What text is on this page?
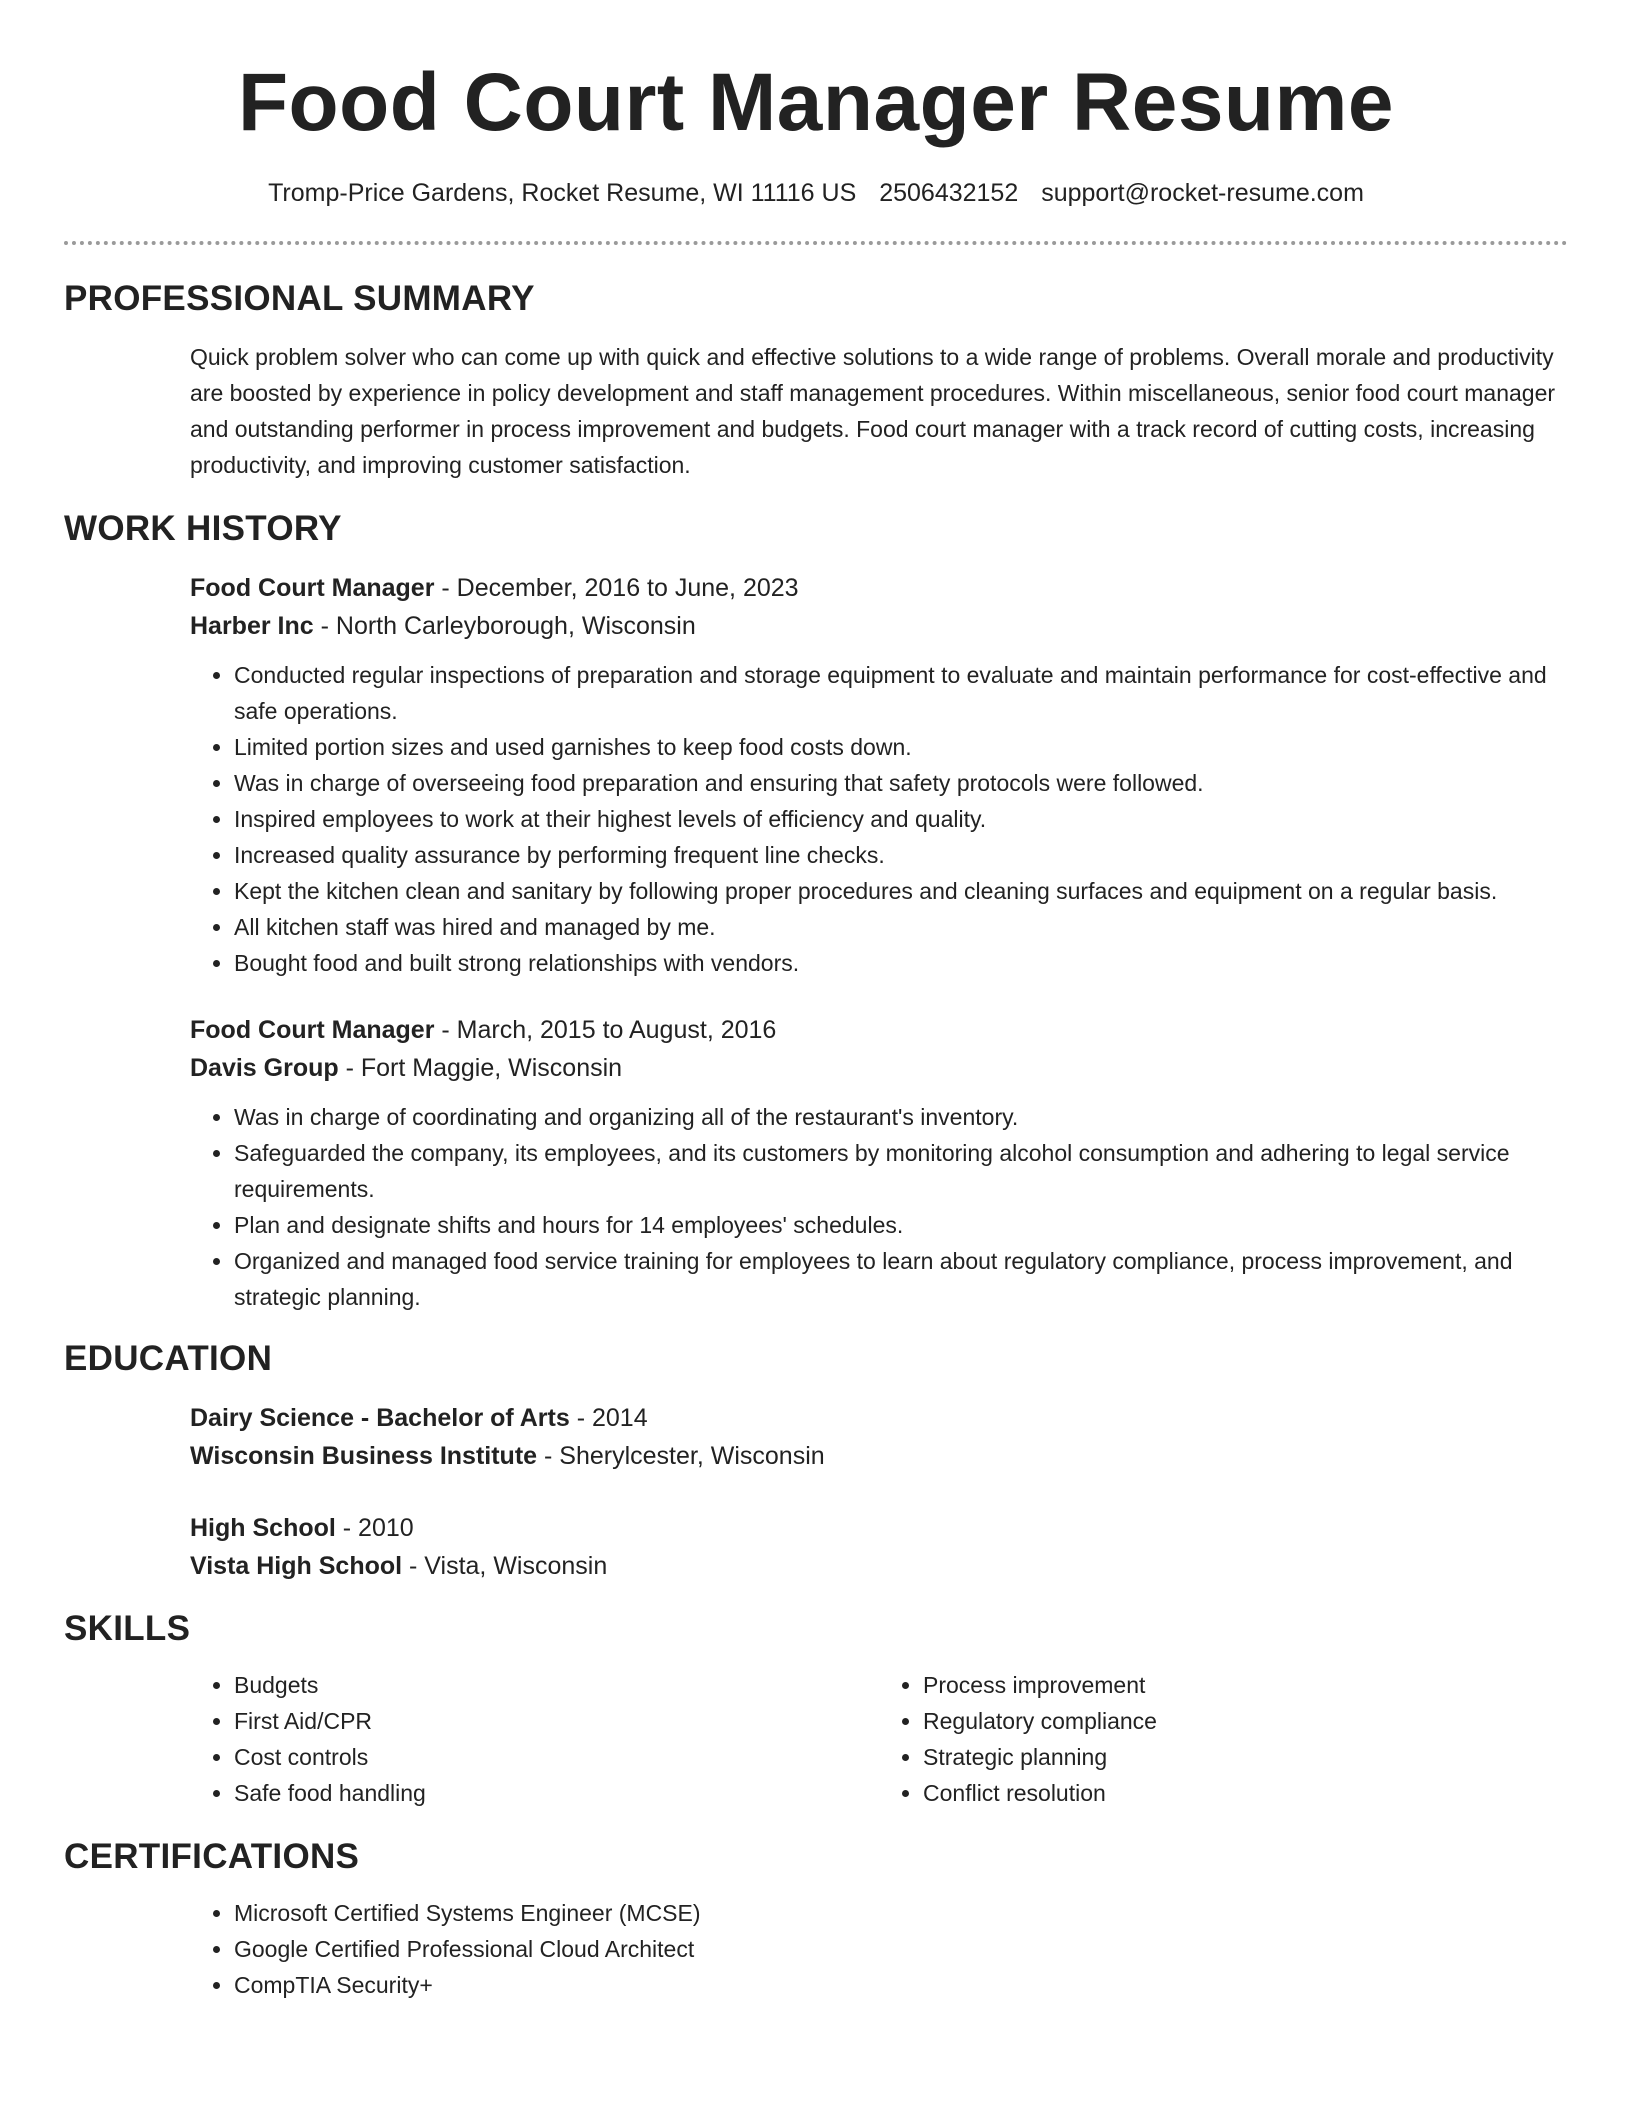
Food Court Manager Resume
Tromp-Price Gardens, Rocket Resume, WI 11116 US 2506432152 support@rocket-resume.com
PROFESSIONAL SUMMARY
Quick problem solver who can come up with quick and effective solutions to a wide range of problems. Overall morale and productivity are boosted by experience in policy development and staff management procedures. Within miscellaneous, senior food court manager and outstanding performer in process improvement and budgets. Food court manager with a track record of cutting costs, increasing productivity, and improving customer satisfaction.
WORK HISTORY
Food Court Manager - December, 2016 to June, 2023
Harber Inc - North Carleyborough, Wisconsin
• Conducted regular inspections of preparation and storage equipment to evaluate and maintain performance for cost-effective and safe operations.
• Limited portion sizes and used garnishes to keep food costs down.
• Was in charge of overseeing food preparation and ensuring that safety protocols were followed.
• Inspired employees to work at their highest levels of efficiency and quality.
• Increased quality assurance by performing frequent line checks.
• Kept the kitchen clean and sanitary by following proper procedures and cleaning surfaces and equipment on a regular basis.
• All kitchen staff was hired and managed by me.
• Bought food and built strong relationships with vendors.
Food Court Manager - March, 2015 to August, 2016
Davis Group - Fort Maggie, Wisconsin
• Was in charge of coordinating and organizing all of the restaurant's inventory.
• Safeguarded the company, its employees, and its customers by monitoring alcohol consumption and adhering to legal service requirements.
• Plan and designate shifts and hours for 14 employees' schedules.
• Organized and managed food service training for employees to learn about regulatory compliance, process improvement, and strategic planning.
EDUCATION
Dairy Science - Bachelor of Arts - 2014
Wisconsin Business Institute - Sherylcester, Wisconsin
High School - 2010
Vista High School - Vista, Wisconsin
SKILLS
• Budgets
• First Aid/CPR
• Cost controls
• Safe food handling
• Process improvement
• Regulatory compliance
• Strategic planning
• Conflict resolution
CERTIFICATIONS
• Microsoft Certified Systems Engineer (MCSE)
• Google Certified Professional Cloud Architect
• CompTIA Security+
